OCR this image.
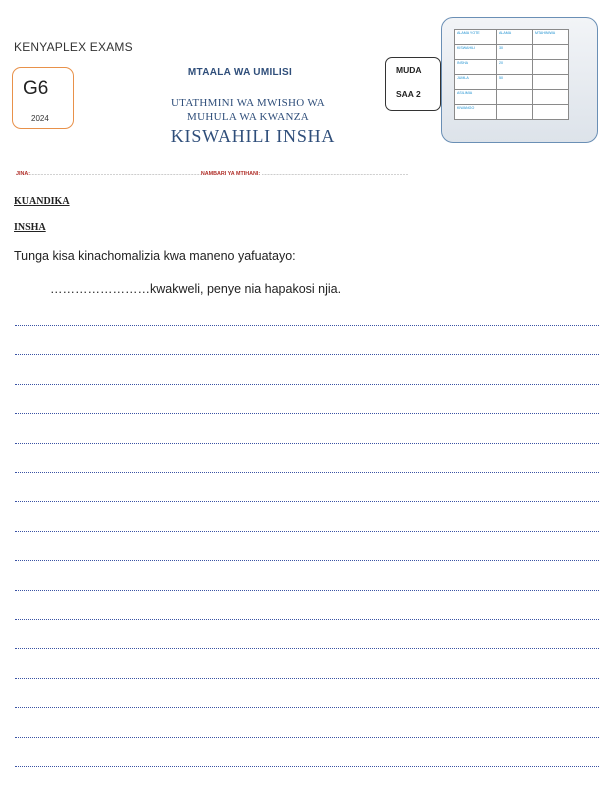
KENYAPLEX EXAMS
G6
2024
MTAALA WA UMILISI
UTATHMINI WA MWISHO WA
MUHULA WA KWANZA
KISWAHILI INSHA
MUDA
SAA 2
ALAMA YOTE	ALAMA	MTAHINIWA
KISWAHILI	30	
INSHA	20	
JUMLA	50	
ASILIMIA		
KIWANGO		
JINA:..................................................................................................................NAMBARI YA MTIHANI: ..................................................................................................
KUANDIKA
INSHA
Tunga kisa kinachomalizia kwa maneno yafuatayo:
……………………kwakweli, penye nia hapakosi njia.
